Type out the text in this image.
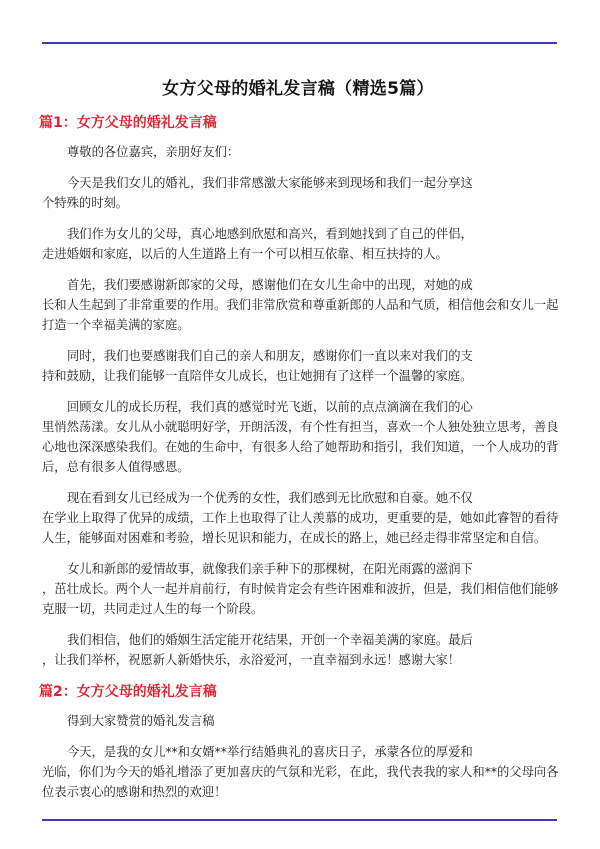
女方父母的婚礼发言稿（精选5篇）
篇1：女方父母的婚礼发言稿

尊敬的各位嘉宾，亲朋好友们：

今天是我们女儿的婚礼，我们非常感激大家能够来到现场和我们一起分享这
个特殊的时刻。

我们作为女儿的父母，真心地感到欣慰和高兴，看到她找到了自己的伴侣，
走进婚姻和家庭，以后的人生道路上有一个可以相互依靠、相互扶持的人。

首先，我们要感谢新郎家的父母，感谢他们在女儿生命中的出现，对她的成
长和人生起到了非常重要的作用。我们非常欣赏和尊重新郎的人品和气质，相信他会和女儿一起
打造一个幸福美满的家庭。

同时，我们也要感谢我们自己的亲人和朋友，感谢你们一直以来对我们的支
持和鼓励，让我们能够一直陪伴女儿成长，也让她拥有了这样一个温馨的家庭。

回顾女儿的成长历程，我们真的感觉时光飞逝，以前的点点滴滴在我们的心
里悄然荡漾。女儿从小就聪明好学，开朗活泼，有个性有担当，喜欢一个人独处独立思考，善良
心地也深深感染我们。在她的生命中，有很多人给了她帮助和指引，我们知道，一个人成功的背
后，总有很多人值得感恩。

现在看到女儿已经成为一个优秀的女性，我们感到无比欣慰和自豪。她不仅
在学业上取得了优异的成绩，工作上也取得了让人羡慕的成功，更重要的是，她如此睿智的看待
人生，能够面对困难和考验，增长见识和能力，在成长的路上，她已经走得非常坚定和自信。

女儿和新郎的爱情故事，就像我们亲手种下的那棵树，在阳光雨露的滋润下
，茁壮成长。两个人一起并肩前行，有时候肯定会有些许困难和波折，但是，我们相信他们能够
克服一切，共同走过人生的每一个阶段。

我们相信，他们的婚姻生活定能开花结果，开创一个幸福美满的家庭。最后
，让我们举杯，祝愿新人新婚快乐，永浴爱河，一直幸福到永远！感谢大家！

篇2：女方父母的婚礼发言稿

得到大家赞赏的婚礼发言稿

今天，是我的女儿**和女婿**举行结婚典礼的喜庆日子，承蒙各位的厚爱和
光临，你们为今天的婚礼增添了更加喜庆的气氛和光彩，在此，我代表我的家人和**的父母向各
位表示衷心的感谢和热烈的欢迎！
